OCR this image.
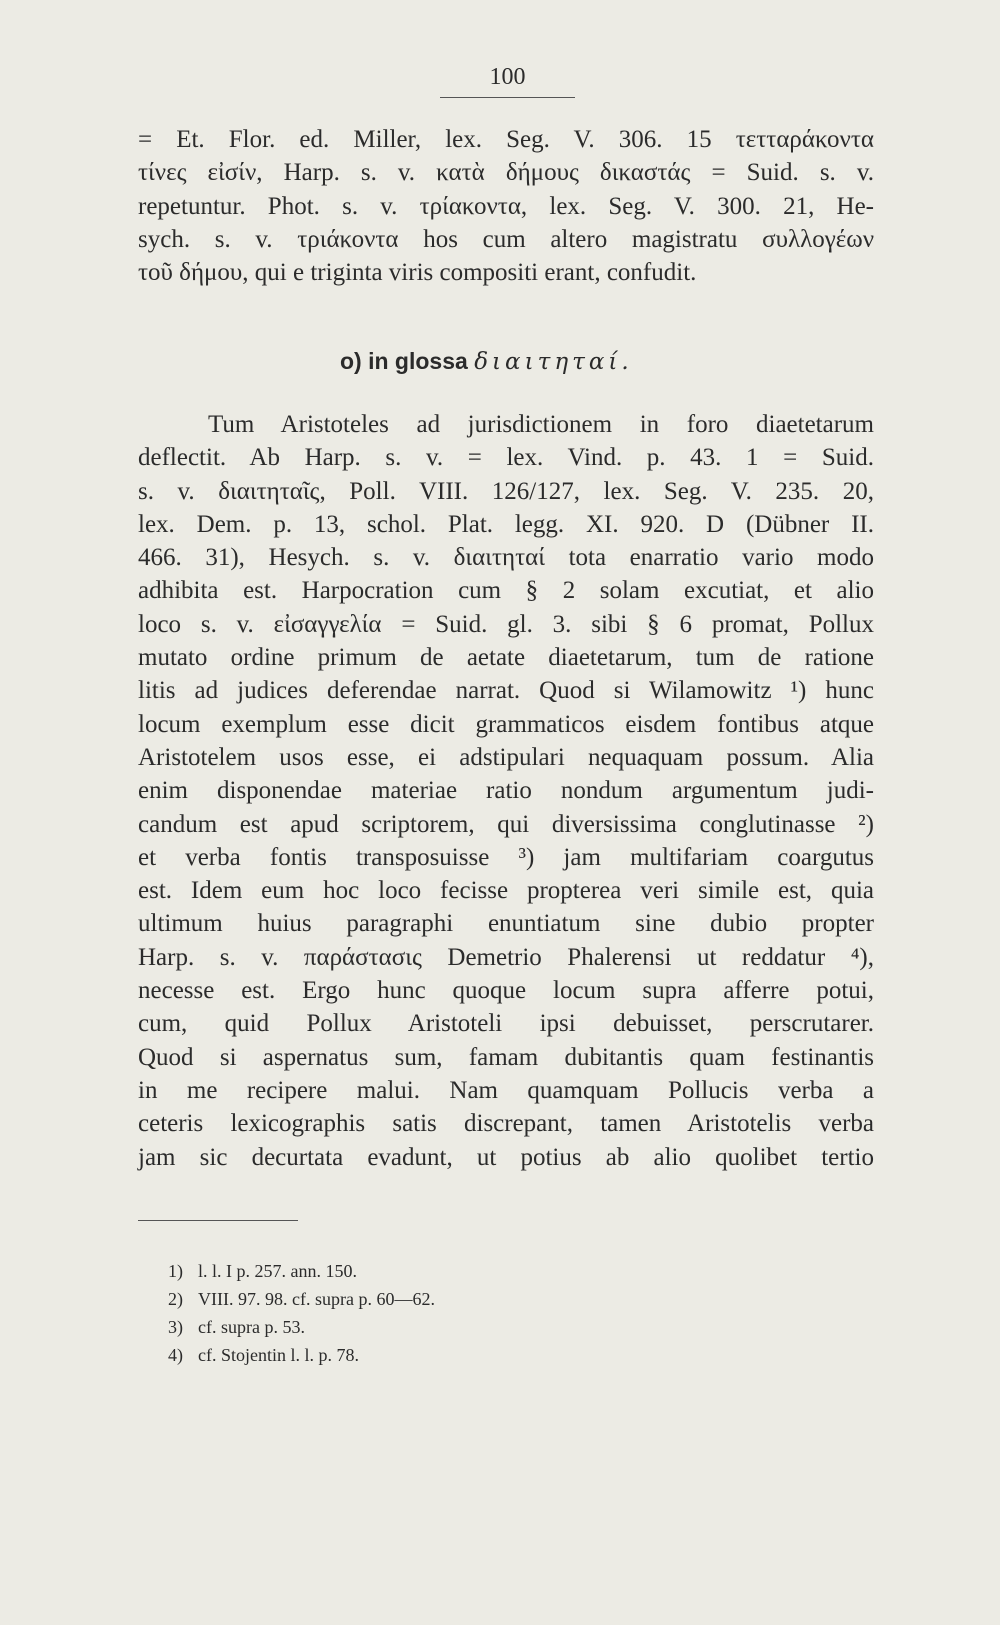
100
= Et. Flor. ed. Miller, lex. Seg. V. 306. 15 τετταράκοντα
τίνες εἰσίν, Harp. s. v. κατὰ δήμους δικαστάς = Suid. s. v.
repetuntur. Phot. s. v. τρίακοντα, lex. Seg. V. 300. 21, He-
sych. s. v. τριάκοντα hos cum altero magistratu συλλογέων
τοῦ δήμου, qui e triginta viris compositi erant, confudit.
o) in glossa διαιτηταί.
Tum Aristoteles ad jurisdictionem in foro diaetetarum
deflectit. Ab Harp. s. v. = lex. Vind. p. 43. 1 = Suid.
s. v. διαιτηταῖς, Poll. VIII. 126/127, lex. Seg. V. 235. 20,
lex. Dem. p. 13, schol. Plat. legg. XI. 920. D (Dübner II.
466. 31), Hesych. s. v. διαιτηταί tota enarratio vario modo
adhibita est. Harpocration cum § 2 solam excutiat, et alio
loco s. v. εἰσαγγελία = Suid. gl. 3. sibi § 6 promat, Pollux
mutato ordine primum de aetate diaetetarum, tum de ratione
litis ad judices deferendae narrat. Quod si Wilamowitz ¹) hunc
locum exemplum esse dicit grammaticos eisdem fontibus atque
Aristotelem usos esse, ei adstipulari nequaquam possum. Alia
enim disponendae materiae ratio nondum argumentum judi-
candum est apud scriptorem, qui diversissima conglutinasse ²)
et verba fontis transposuisse ³) jam multifariam coargutus
est. Idem eum hoc loco fecisse propterea veri simile est, quia
ultimum huius paragraphi enuntiatum sine dubio propter
Harp. s. v. παράστασις Demetrio Phalerensi ut reddatur ⁴),
necesse est. Ergo hunc quoque locum supra afferre potui,
cum, quid Pollux Aristoteli ipsi debuisset, perscrutarer.
Quod si aspernatus sum, famam dubitantis quam festinantis
in me recipere malui. Nam quamquam Pollucis verba a
ceteris lexicographis satis discrepant, tamen Aristotelis verba
jam sic decurtata evadunt, ut potius ab alio quolibet tertio
1) l. l. I p. 257. ann. 150.
2) VIII. 97. 98. cf. supra p. 60—62.
3) cf. supra p. 53.
4) cf. Stojentin l. l. p. 78.
